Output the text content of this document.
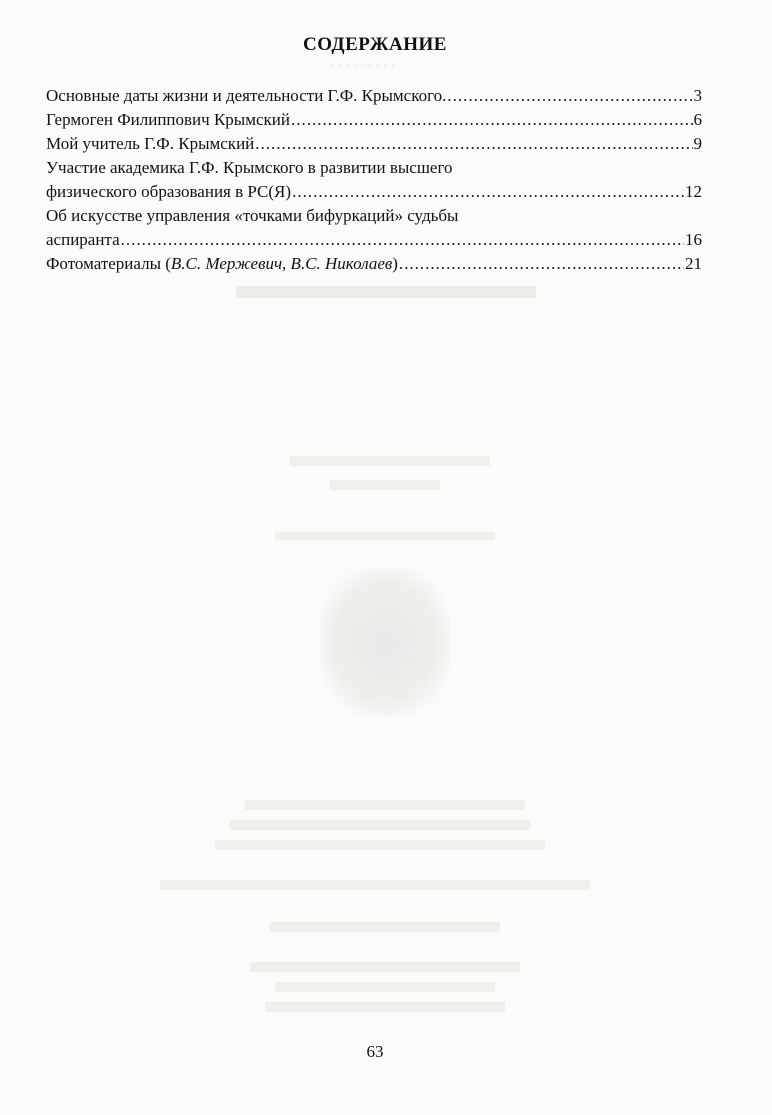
· · · · · · · · ·
СОДЕРЖАНИЕ
Основные даты жизни и деятельности Г.Ф. Крымского. .....	3
Гермоген Филиппович Крымский .....	6
Мой учитель Г.Ф. Крымский .....	9
Участие академика Г.Ф. Крымского в развитии высшего
физического образования в РС(Я) .....	12
Об искусстве управления «точками бифуркаций» судьбы
аспиранта .....	16
Фотоматериалы (В.С. Мержевич, В.С. Николаев) .....	21
63
